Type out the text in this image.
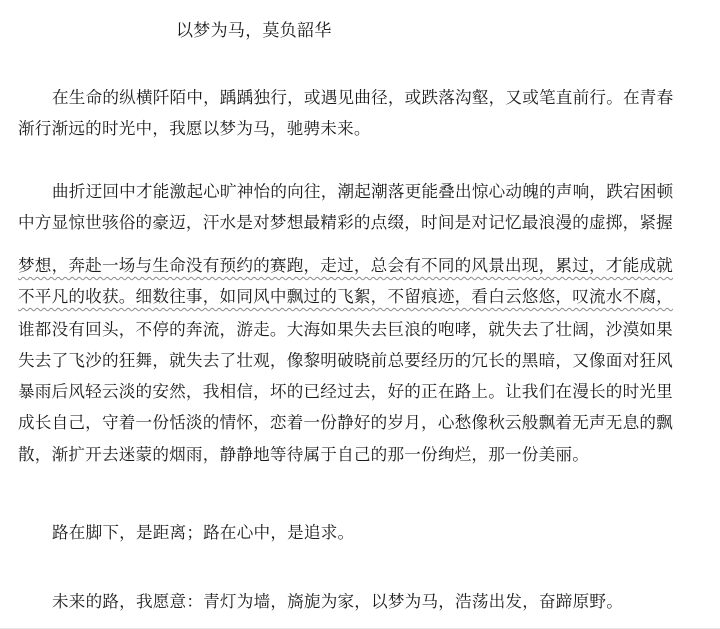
以梦为马，莫负韶华
在生命的纵横阡陌中，踽踽独行，或遇见曲径，或跌落沟壑，又或笔直前行。在青春
渐行渐远的时光中，我愿以梦为马，驰骋未来。
曲折迂回中才能激起心旷神怡的向往，潮起潮落更能叠出惊心动魄的声响，跌宕困顿
中方显惊世骇俗的豪迈，汗水是对梦想最精彩的点缀，时间是对记忆最浪漫的虚掷，紧握
梦想，奔赴一场与生命没有预约的赛跑，走过，总会有不同的风景出现，累过，才能成就
不平凡的收获。细数往事，如同风中飘过的飞絮，不留痕迹，看白云悠悠，叹流水不腐，
谁都没有回头，不停的奔流，游走。大海如果失去巨浪的咆哮，就失去了壮阔，沙漠如果
失去了飞沙的狂舞，就失去了壮观，像黎明破晓前总要经历的冗长的黑暗，又像面对狂风
暴雨后风轻云淡的安然，我相信，坏的已经过去，好的正在路上。让我们在漫长的时光里
成长自己，守着一份恬淡的情怀，恋着一份静好的岁月，心愁像秋云般飘着无声无息的飘
散，渐扩开去迷蒙的烟雨，静静地等待属于自己的那一份绚烂，那一份美丽。
路在脚下，是距离；路在心中，是追求。
未来的路，我愿意：青灯为墙，旖旎为家，以梦为马，浩荡出发，奋蹄原野。
